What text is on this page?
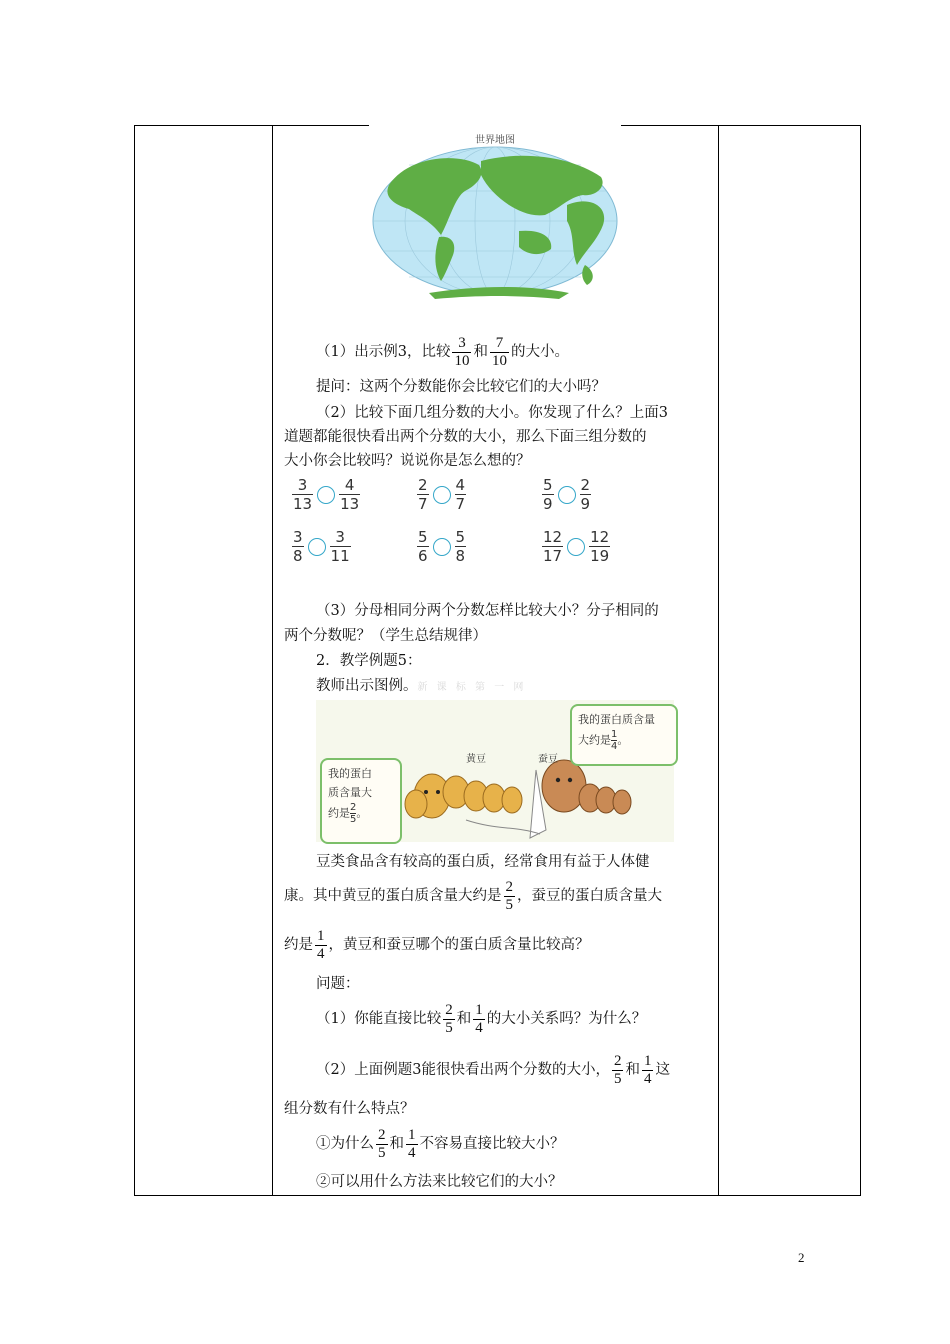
世界地图
（1）出示例3，比较 $\frac{3}{10}$ 和 $\frac{7}{10}$ 的大小。
提问：这两个分数能你会比较它们的大小吗？
（2）比较下面几组分数的大小。你发现了什么？上面3
道题都能很快看出两个分数的大小，那么下面三组分数的
大小你会比较吗？说说你是怎么想的？
$\frac{3}{13} \frac{4}{13}$	$\frac{2}{7} \frac{4}{7}$	$\frac{5}{9} \frac{2}{9}$
$\frac{3}{8} \frac{3}{11}$	$\frac{5}{6} \frac{5}{8}$	$\frac{12}{17} \frac{12}{19}$
（3）分母相同分两个分数怎样比较大小？分子相同的
两个分数呢？（学生总结规律）
2．教学例题5：
教师出示图例。新 课 标 第 一 网
黄豆	蚕豆
我的蛋白
质含量大
约是 $\frac{2}{5}$ 。
我的蛋白质含量
大约是 $\frac{1}{4}$ 。
豆类食品含有较高的蛋白质，经常食用有益于人体健
康。其中黄豆的蛋白质含量大约是 $\frac{2}{5}$ ，蚕豆的蛋白质含量大
约是 $\frac{1}{4}$ ，黄豆和蚕豆哪个的蛋白质含量比较高？
问题：
（1）你能直接比较 $\frac{2}{5}$ 和 $\frac{1}{4}$ 的大小关系吗？为什么？
（2）上面例题3能很快看出两个分数的大小， $\frac{2}{5}$ 和 $\frac{1}{4}$ 这
组分数有什么特点？
①为什么 $\frac{2}{5}$ 和 $\frac{1}{4}$ 不容易直接比较大小？
②可以用什么方法来比较它们的大小？
2
